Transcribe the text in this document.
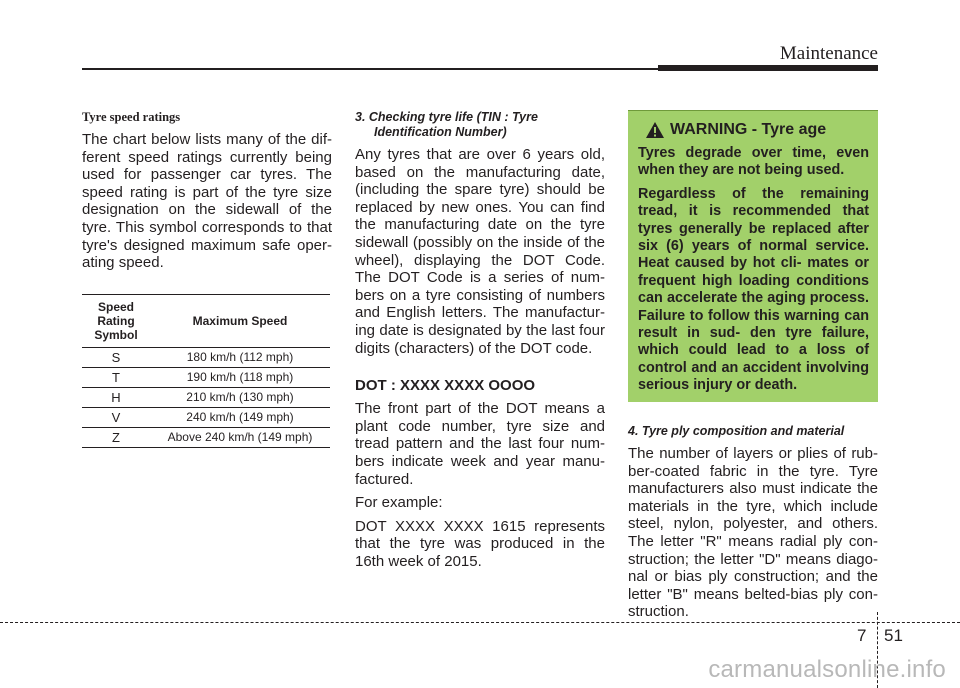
Maintenance

Tyre speed ratings

The chart below lists many of the dif- ferent speed ratings currently being used for passenger car tyres. The speed rating is part of the tyre size designation on the sidewall of the tyre. This symbol corresponds to that tyre's designed maximum safe oper- ating speed.

Speed
Rating
Symbol	Maximum Speed
S	180 km/h (112 mph)
T	190 km/h (118 mph)
H	210 km/h (130 mph)
V	240 km/h (149 mph)
Z	Above 240 km/h (149 mph)

3. Checking tyre life (TIN : Tyre
Identification Number)

Any tyres that are over 6 years old, based on the manufacturing date, (including the spare tyre) should be replaced by new ones. You can find the manufacturing date on the tyre sidewall (possibly on the inside of the wheel), displaying the DOT Code. The DOT Code is a series of num- bers on a tyre consisting of numbers and English letters. The manufactur- ing date is designated by the last four digits (characters) of the DOT code.

DOT : XXXX XXXX OOOO

The front part of the DOT means a plant code number, tyre size and tread pattern and the last four num- bers indicate week and year manu- factured.

For example:

DOT XXXX XXXX 1615 represents that the tyre was produced in the 16th week of 2015.

WARNING - Tyre age

Tyres degrade over time, even when they are not being used.

Regardless of the remaining tread, it is recommended that tyres generally be replaced after six (6) years of normal service. Heat caused by hot cli- mates or frequent high loading conditions can accelerate the aging process. Failure to follow this warning can result in sud- den tyre failure, which could lead to a loss of control and an accident involving serious injury or death.

4. Tyre ply composition and material

The number of layers or plies of rub- ber-coated fabric in the tyre. Tyre manufacturers also must indicate the materials in the tyre, which include steel, nylon, polyester, and others. The letter "R" means radial ply con- struction; the letter "D" means diago- nal or bias ply construction; and the letter "B" means belted-bias ply con- struction.

7 51
carmanualsonline.info
